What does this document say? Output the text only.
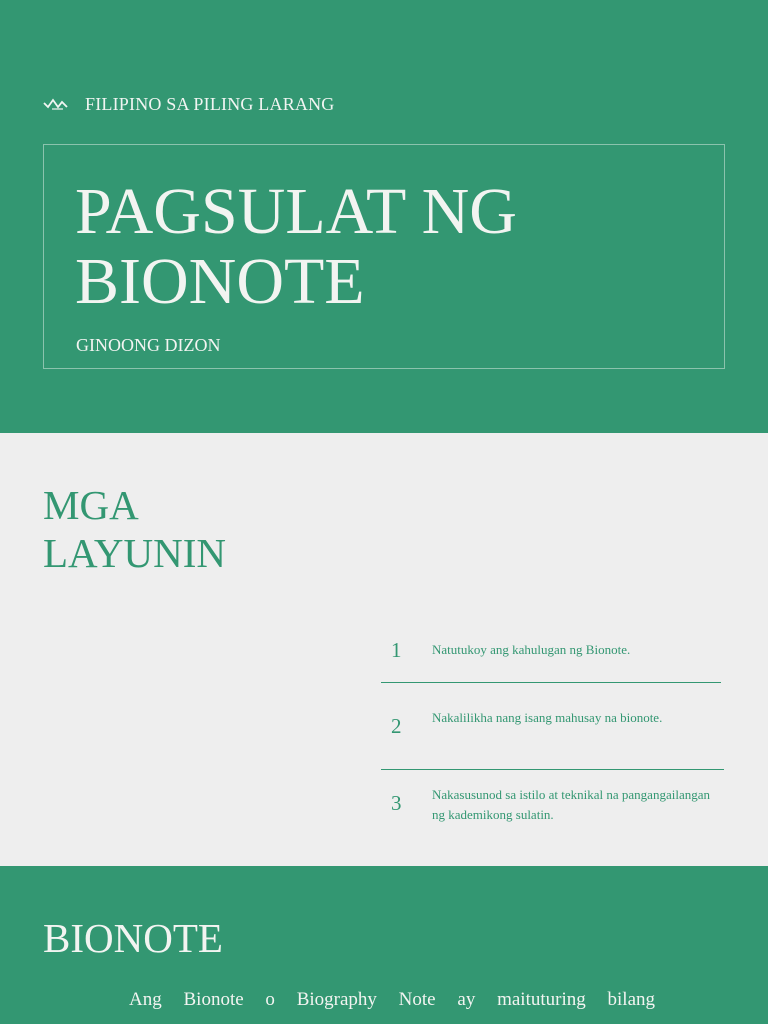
FILIPINO SA PILING LARANG
PAGSULAT NG
BIONOTE
GINOONG DIZON
MGA
LAYUNIN
1 Natutukoy ang kahulugan ng Bionote.
2 Nakalilikha nang isang mahusay na bionote.
3 Nakasusunod sa istilo at teknikal na pangangailangan ng kademikong sulatin.
BIONOTE

Ang Bionote o Biography Note ay maituturing bilang
